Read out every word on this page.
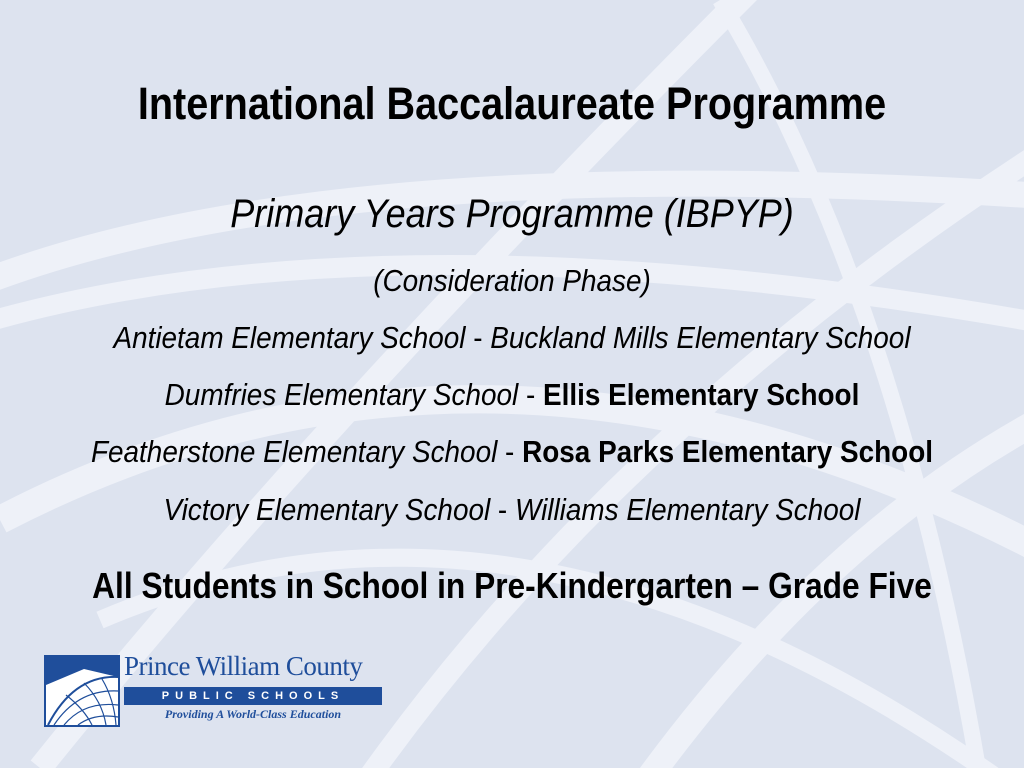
International Baccalaureate Programme
Primary Years Programme (IBPYP)
(Consideration Phase)
Antietam Elementary School - Buckland Mills Elementary School
Dumfries Elementary School - Ellis Elementary School
Featherstone Elementary School - Rosa Parks Elementary School
Victory Elementary School - Williams Elementary School
All Students in School in Pre-Kindergarten – Grade Five
Prince William County
PUBLIC SCHOOLS
Providing A World-Class Education
